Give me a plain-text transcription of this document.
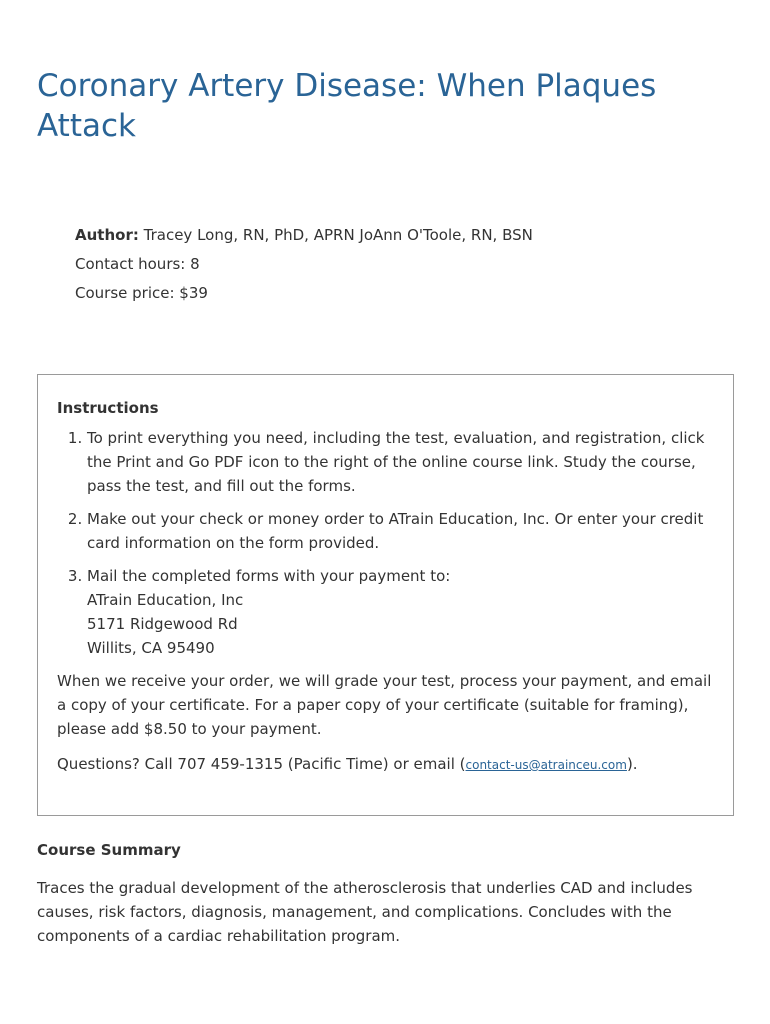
Coronary Artery Disease: When Plaques Attack
Author: Tracey Long, RN, PhD, APRN JoAnn O'Toole, RN, BSN
Contact hours: 8
Course price: $39
Instructions
1. To print everything you need, including the test, evaluation, and registration, click the Print and Go PDF icon to the right of the online course link. Study the course, pass the test, and fill out the forms.
2. Make out your check or money order to ATrain Education, Inc. Or enter your credit card information on the form provided.
3. Mail the completed forms with your payment to:
ATrain Education, Inc
5171 Ridgewood Rd
Willits, CA 95490

When we receive your order, we will grade your test, process your payment, and email a copy of your certificate. For a paper copy of your certificate (suitable for framing), please add $8.50 to your payment.

Questions? Call 707 459-1315 (Pacific Time) or email (contact-us@atrainceu.com).

Course Summary

Traces the gradual development of the atherosclerosis that underlies CAD and includes causes, risk factors, diagnosis, management, and complications. Concludes with the components of a cardiac rehabilitation program.
